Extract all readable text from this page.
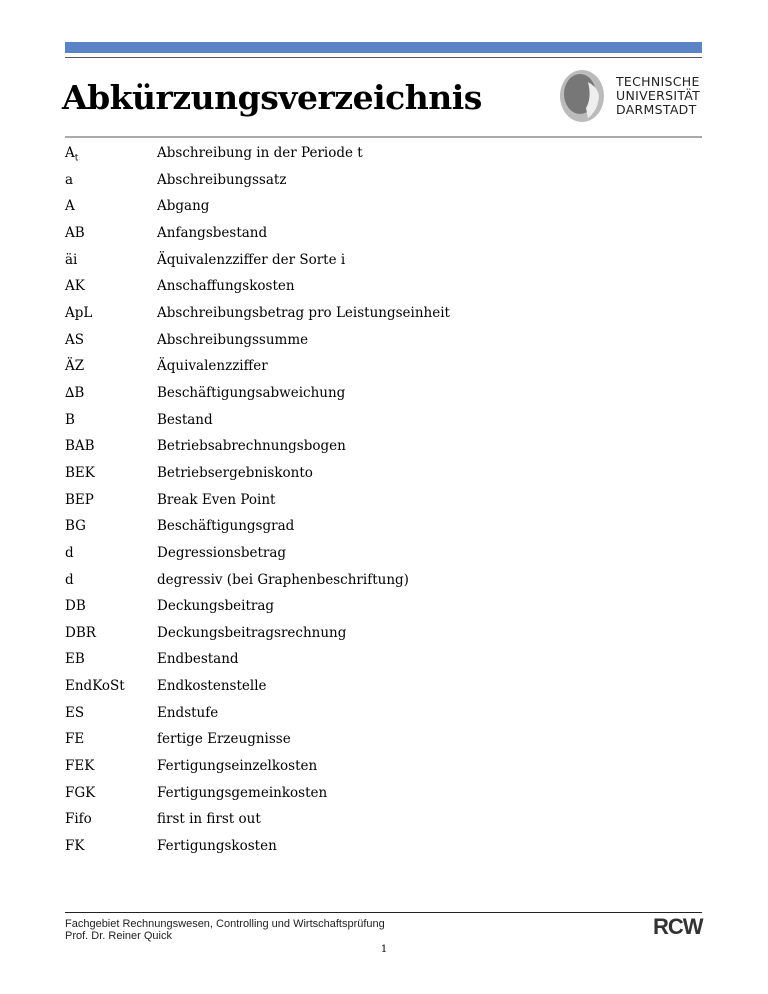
Abkürzungsverzeichnis	TECHNISCHE
UNIVERSITÄT
DARMSTADT
$A_t$	Abschreibung in der Periode t
a	Abschreibungssatz
A	Abgang
AB	Anfangsbestand
äi	Äquivalenzziffer der Sorte i
AK	Anschaffungskosten
ApL	Abschreibungsbetrag pro Leistungseinheit
AS	Abschreibungssumme
ÄZ	Äquivalenzziffer
∆B	Beschäftigungsabweichung
B	Bestand
BAB	Betriebsabrechnungsbogen
BEK	Betriebsergebniskonto
BEP	Break Even Point
BG	Beschäftigungsgrad
d	Degressionsbetrag
d	degressiv (bei Graphenbeschriftung)
DB	Deckungsbeitrag
DBR	Deckungsbeitragsrechnung
EB	Endbestand
EndKoSt	Endkostenstelle
ES	Endstufe
FE	fertige Erzeugnisse
FEK	Fertigungseinzelkosten
FGK	Fertigungsgemeinkosten
Fifo	first in first out
FK	Fertigungskosten
Fachgebiet Rechnungswesen, Controlling und Wirtschaftsprüfung
Prof. Dr. Reiner Quick	RCW
1
